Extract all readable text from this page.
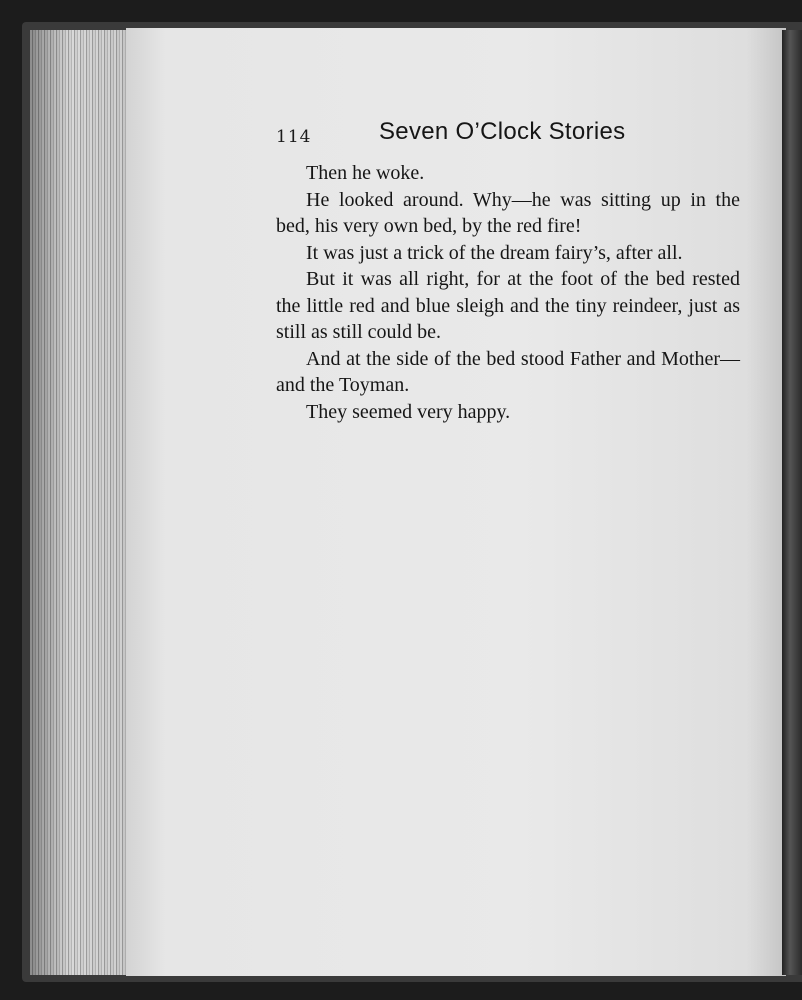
114	Seven O’Clock Stories

Then he woke.

He looked around. Why—he was sitting up in the bed, his very own bed, by the red fire!

It was just a trick of the dream fairy’s, after all.

But it was all right, for at the foot of the bed rested the little red and blue sleigh and the tiny reindeer, just as still as still could be.

And at the side of the bed stood Father and Mother—and the Toyman.

They seemed very happy.
